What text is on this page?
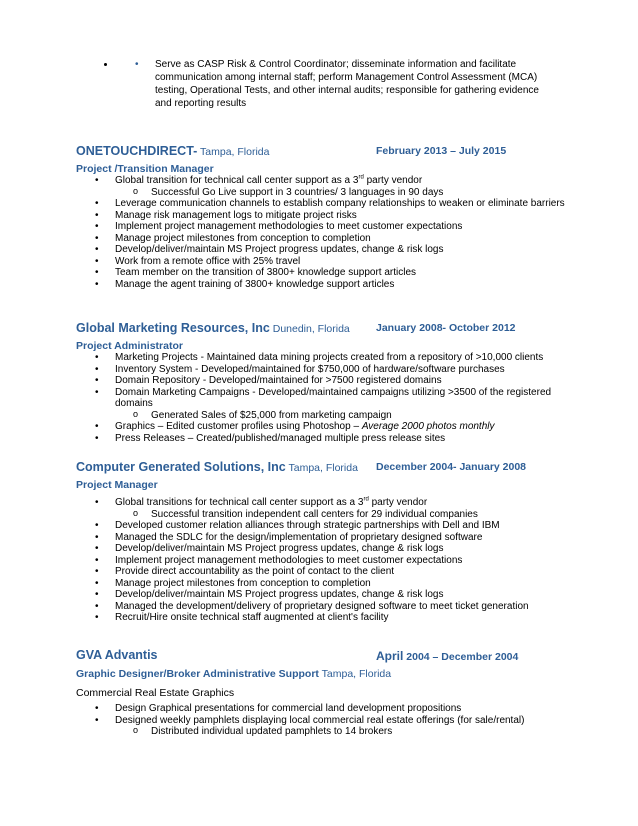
• • Serve as CASP Risk & Control Coordinator; disseminate information and facilitate communication among internal staff; perform Management Control Assessment (MCA) testing, Operational Tests, and other internal audits; responsible for gathering evidence and reporting results
ONETOUCHDIRECT- Tampa, Florida	February 2013 – July 2015
Project /Transition Manager
• Global transition for technical call center support as a 3rd party vendor
o Successful Go Live support in 3 countries/ 3 languages in 90 days
• Leverage communication channels to establish company relationships to weaken or eliminate barriers
• Manage risk management logs to mitigate project risks
• Implement project management methodologies to meet customer expectations
• Manage project milestones from conception to completion
• Develop/deliver/maintain MS Project progress updates, change & risk logs
• Work from a remote office with 25% travel
• Team member on the transition of 3800+ knowledge support articles
• Manage the agent training of 3800+ knowledge support articles
Global Marketing Resources, Inc Dunedin, Florida January 2008- October 2012
Project Administrator
• Marketing Projects - Maintained data mining projects created from a repository of >10,000 clients
• Inventory System - Developed/maintained for $750,000 of hardware/software purchases
• Domain Repository - Developed/maintained for >7500 registered domains
• Domain Marketing Campaigns - Developed/maintained campaigns utilizing >3500 of the registered domains
o Generated Sales of $25,000 from marketing campaign
• Graphics – Edited customer profiles using Photoshop – Average 2000 photos monthly
• Press Releases – Created/published/managed multiple press release sites
Computer Generated Solutions, Inc Tampa, Florida December 2004- January 2008
Project Manager
• Global transitions for technical call center support as a 3rd party vendor
o Successful transition independent call centers for 29 individual companies
• Developed customer relation alliances through strategic partnerships with Dell and IBM
• Managed the SDLC for the design/implementation of proprietary designed software
• Develop/deliver/maintain MS Project progress updates, change & risk logs
• Implement project management methodologies to meet customer expectations
• Provide direct accountability as the point of contact to the client
• Manage project milestones from conception to completion
• Develop/deliver/maintain MS Project progress updates, change & risk logs
• Managed the development/delivery of proprietary designed software to meet ticket generation
• Recruit/Hire onsite technical staff augmented at client's facility
GVA Advantis	April 2004 – December 2004
Graphic Designer/Broker Administrative Support Tampa, Florida
Commercial Real Estate Graphics
• Design Graphical presentations for commercial land development propositions
• Designed weekly pamphlets displaying local commercial real estate offerings (for sale/rental)
o Distributed individual updated pamphlets to 14 brokers
